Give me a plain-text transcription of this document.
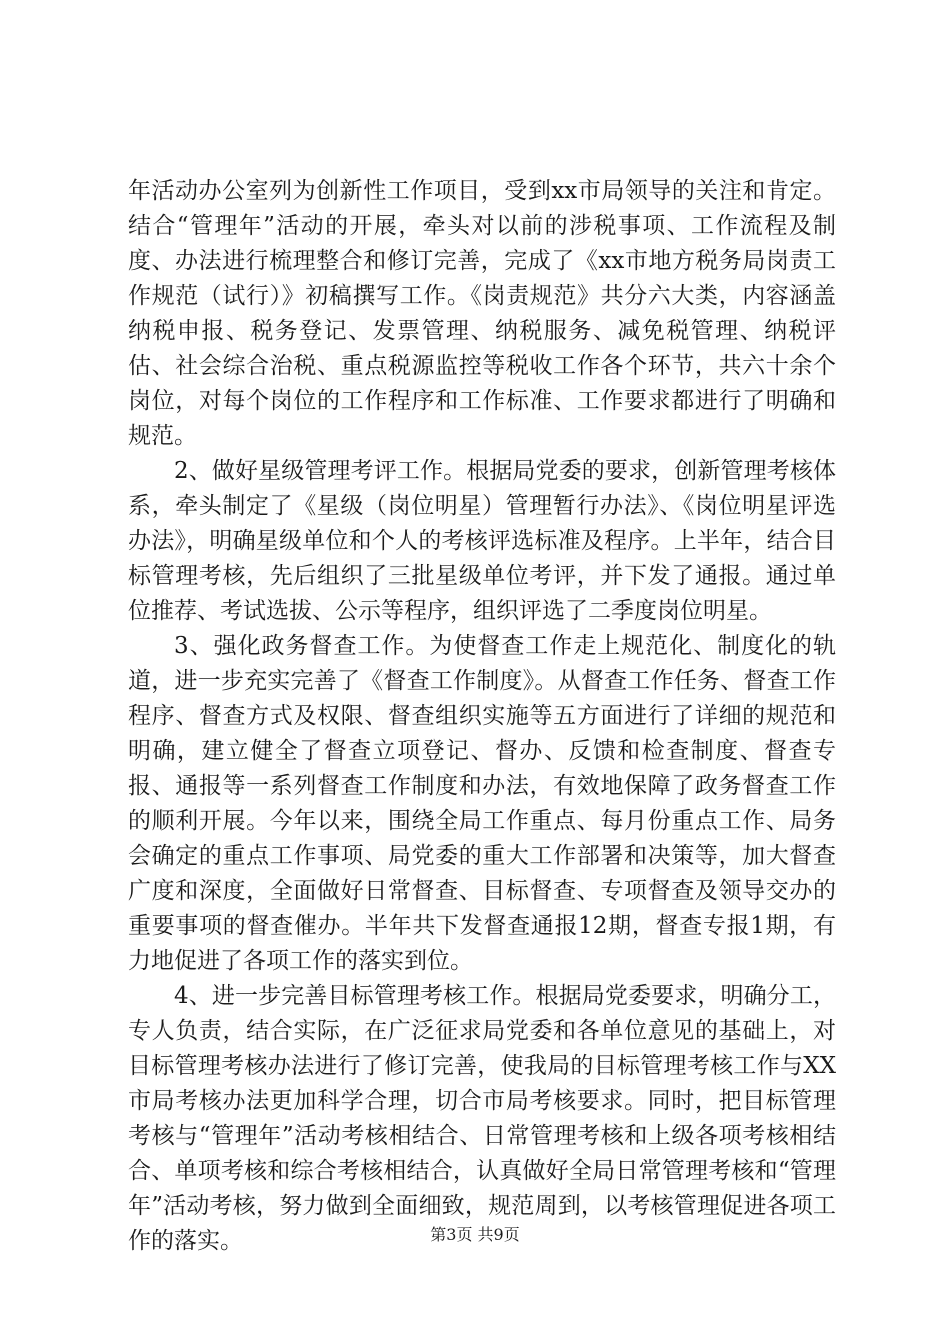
年活动办公室列为创新性工作项目，受到xx市局领导的关注和肯定。结合“管理年”活动的开展，牵头对以前的涉税事项、工作流程及制度、办法进行梳理整合和修订完善，完成了《xx市地方税务局岗责工作规范（试行）》初稿撰写工作。《岗责规范》共分六大类，内容涵盖纳税申报、税务登记、发票管理、纳税服务、减免税管理、纳税评估、社会综合治税、重点税源监控等税收工作各个环节，共六十余个岗位，对每个岗位的工作程序和工作标准、工作要求都进行了明确和规范。

2、做好星级管理考评工作。根据局党委的要求，创新管理考核体系，牵头制定了《星级（岗位明星）管理暂行办法》、《岗位明星评选办法》，明确星级单位和个人的考核评选标准及程序。上半年，结合目标管理考核，先后组织了三批星级单位考评，并下发了通报。通过单位推荐、考试选拔、公示等程序，组织评选了二季度岗位明星。

3、强化政务督查工作。为使督查工作走上规范化、制度化的轨道，进一步充实完善了《督查工作制度》。从督查工作任务、督查工作程序、督查方式及权限、督查组织实施等五方面进行了详细的规范和明确，建立健全了督查立项登记、督办、反馈和检查制度、督查专报、通报等一系列督查工作制度和办法，有效地保障了政务督查工作的顺利开展。今年以来，围绕全局工作重点、每月份重点工作、局务会确定的重点工作事项、局党委的重大工作部署和决策等，加大督查广度和深度，全面做好日常督查、目标督查、专项督查及领导交办的重要事项的督查催办。半年共下发督查通报12期，督查专报1期，有力地促进了各项工作的落实到位。

4、进一步完善目标管理考核工作。根据局党委要求，明确分工，专人负责，结合实际，在广泛征求局党委和各单位意见的基础上，对目标管理考核办法进行了修订完善，使我局的目标管理考核工作与XX市局考核办法更加科学合理，切合市局考核要求。同时，把目标管理考核与“管理年”活动考核相结合、日常管理考核和上级各项考核相结合、单项考核和综合考核相结合，认真做好全局日常管理考核和“管理年”活动考核，努力做到全面细致，规范周到，以考核管理促进各项工作的落实。	第3页 共9页
